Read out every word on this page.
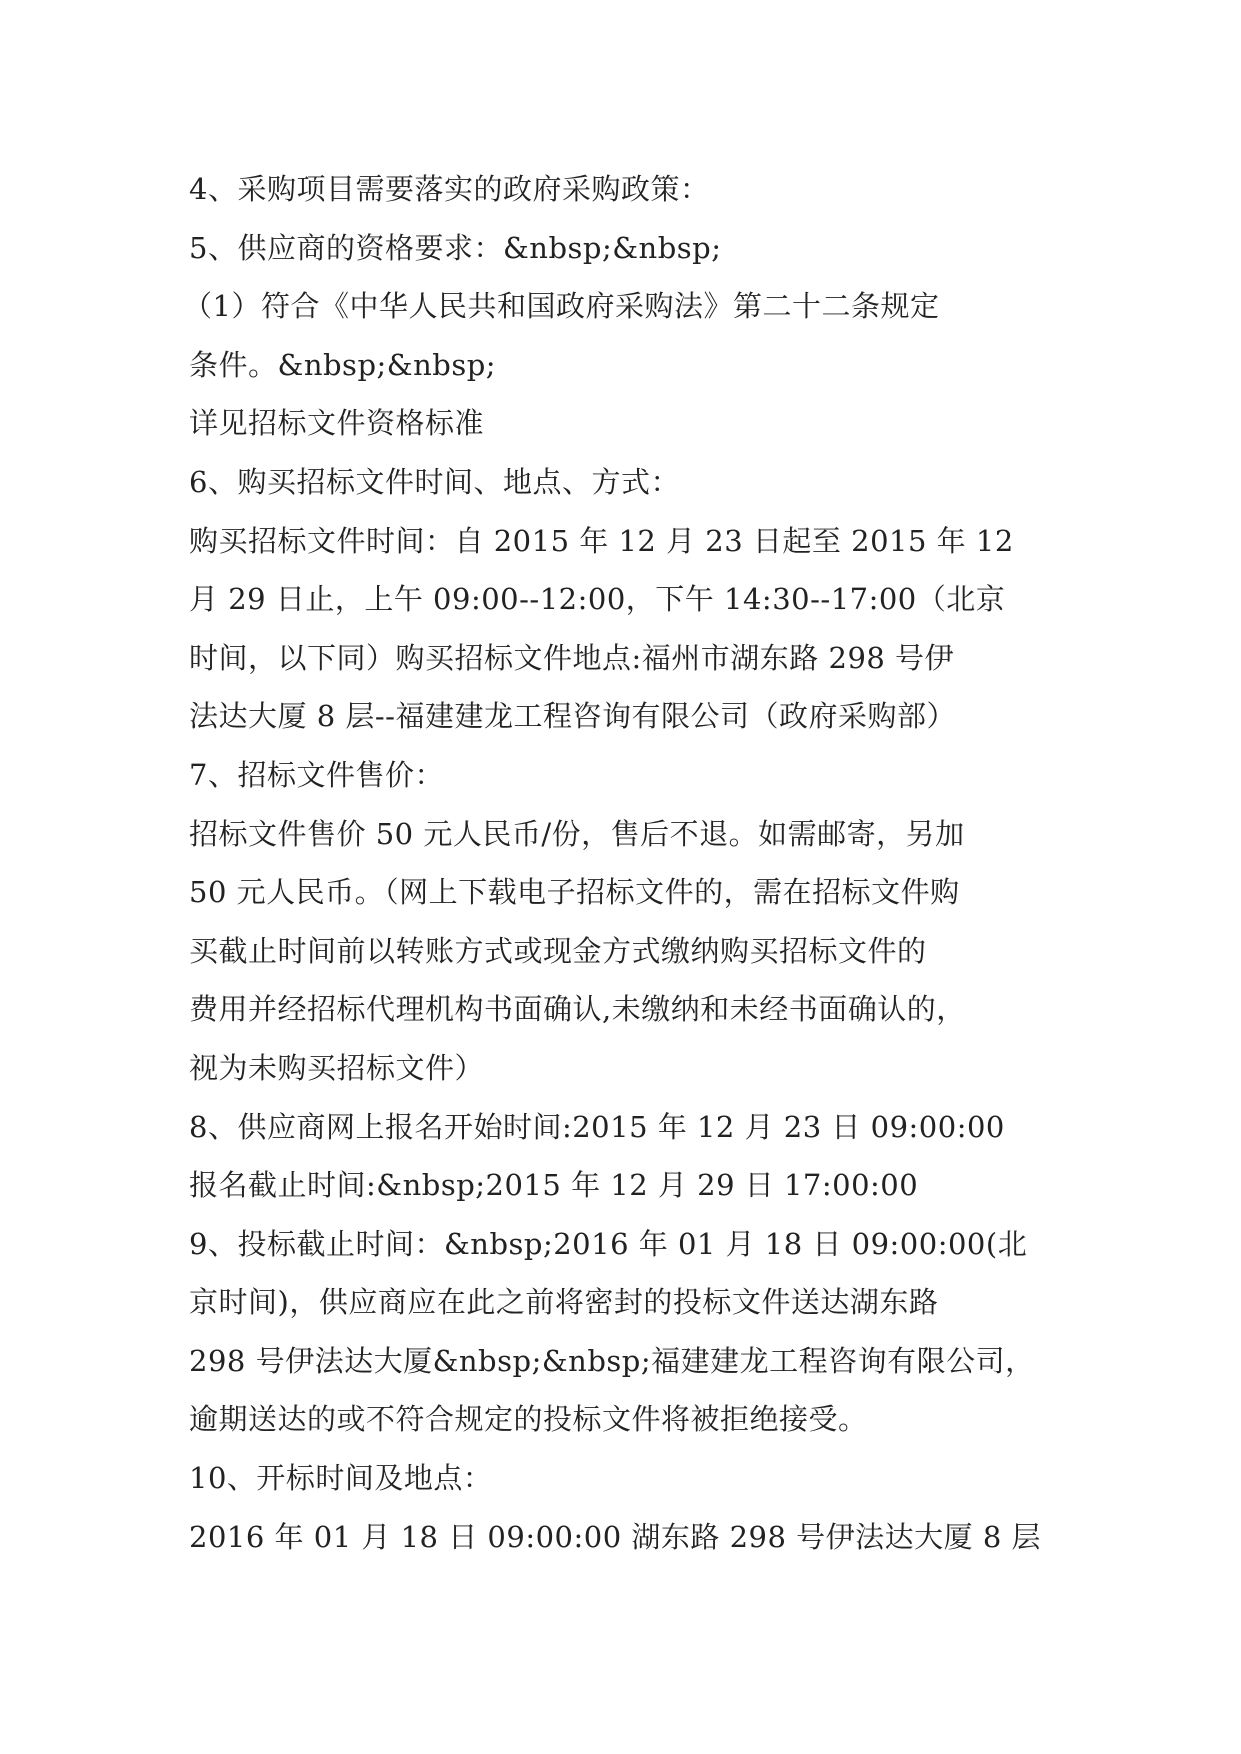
4、采购项目需要落实的政府采购政策：
5、供应商的资格要求：&nbsp;&nbsp;
（1）符合《中华人民共和国政府采购法》第二十二条规定
条件。&nbsp;&nbsp;
详见招标文件资格标准
6、购买招标文件时间、地点、方式：
购买招标文件时间：自 2015 年 12 月 23 日起至 2015 年 12
月 29 日止，上午 09:00--12:00，下午 14:30--17:00（北京
时间，以下同）购买招标文件地点:福州市湖东路 298 号伊
法达大厦 8 层--福建建龙工程咨询有限公司（政府采购部）
7、招标文件售价：
招标文件售价 50 元人民币/份，售后不退。如需邮寄，另加
50 元人民币。（网上下载电子招标文件的，需在招标文件购
买截止时间前以转账方式或现金方式缴纳购买招标文件的
费用并经招标代理机构书面确认,未缴纳和未经书面确认的，
视为未购买招标文件）
8、供应商网上报名开始时间:2015 年 12 月 23 日 09:00:00
报名截止时间:&nbsp;2015 年 12 月 29 日 17:00:00
9、投标截止时间：&nbsp;2016 年 01 月 18 日 09:00:00(北
京时间)，供应商应在此之前将密封的投标文件送达湖东路
298 号伊法达大厦&nbsp;&nbsp;福建建龙工程咨询有限公司，
逾期送达的或不符合规定的投标文件将被拒绝接受。
10、开标时间及地点：
2016 年 01 月 18 日 09:00:00 湖东路 298 号伊法达大厦 8 层
